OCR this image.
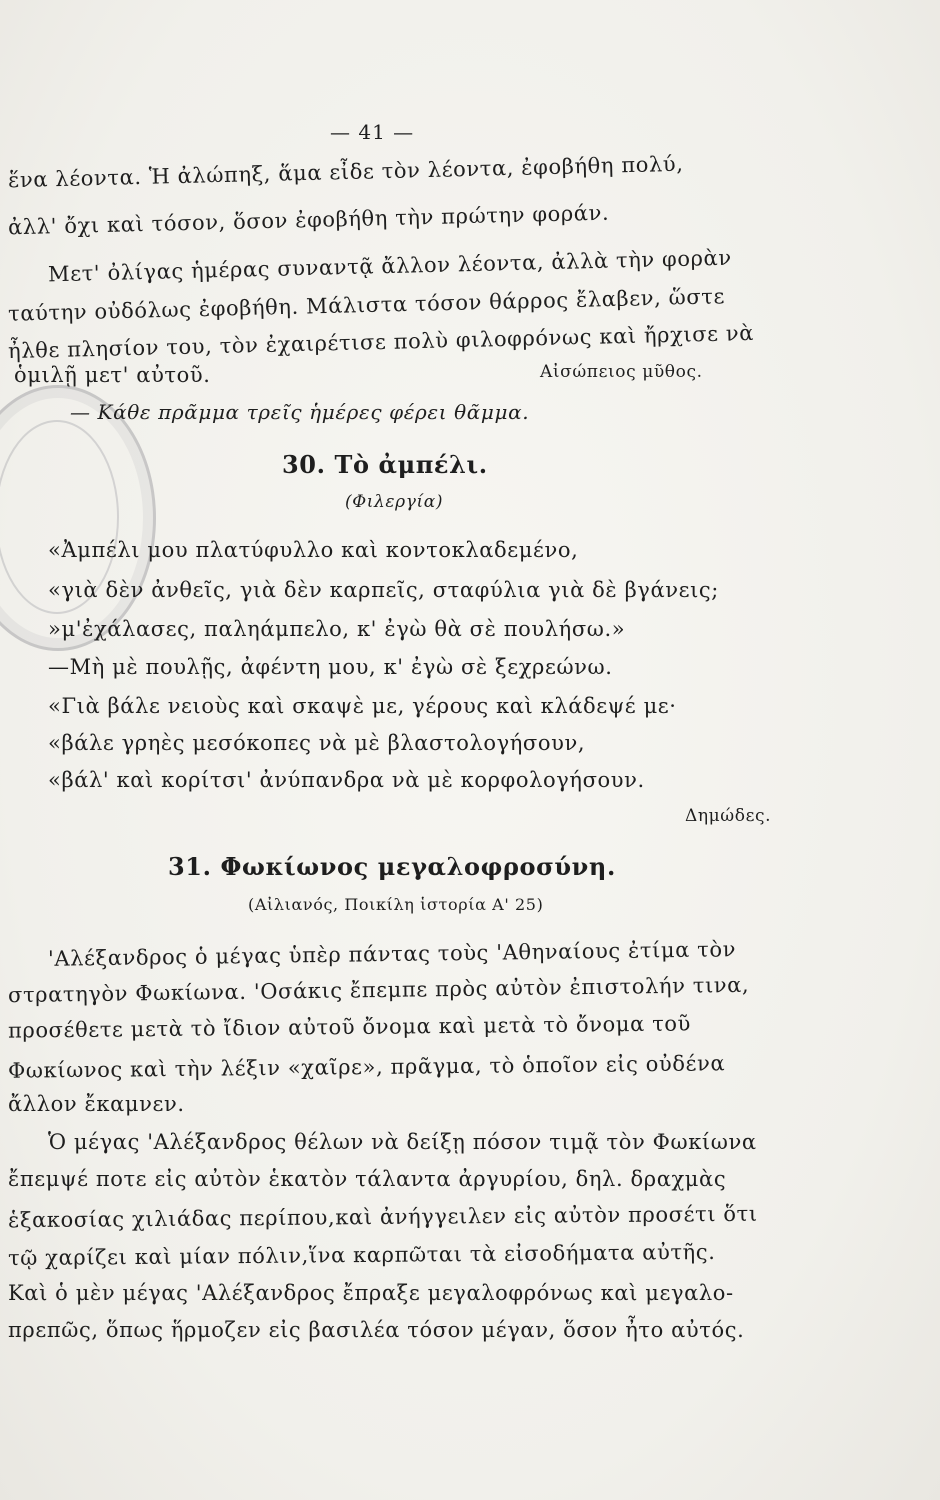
— 41 —
ἕνα λέοντα. Ἡ ἀλώπηξ, ἅμα εἶδε τὸν λέοντα, ἐφοβήθη πολύ,
ἀλλ' ὄχι καὶ τόσον, ὅσον ἐφοβήθη τὴν πρώτην φοράν.
Μετ' ὀλίγας ἡμέρας συναντᾷ ἄλλον λέοντα, ἀλλὰ τὴν φορὰν
ταύτην οὐδόλως ἐφοβήθη. Μάλιστα τόσον θάρρος ἔλαβεν, ὥστε
ἦλθε πλησίον του, τὸν ἐχαιρέτισε πολὺ φιλοφρόνως καὶ ἤρχισε νὰ
ὁμιλῇ μετ' αὐτοῦ.	Αἰσώπειος μῦθος.
— Κάθε πρᾶμμα τρεῖς ἡμέρες φέρει θᾶμμα.
30. Τὸ ἀμπέλι.
(Φιλεργία)
«Ἀμπέλι μου πλατύφυλλο καὶ κοντοκλαδεμένο,
«γιὰ δὲν ἀνθεῖς, γιὰ δὲν καρπεῖς, σταφύλια γιὰ δὲ βγάνεις;
»μ'ἐχάλασες, παληάμπελο, κ' ἐγὼ θὰ σὲ πουλήσω.»
—Μὴ μὲ πουλῇς, ἀφέντη μου, κ' ἐγὼ σὲ ξεχρεώνω.
«Γιὰ βάλε νειοὺς καὶ σκαψὲ με, γέρους καὶ κλάδεψέ με·
«βάλε γρηὲς μεσόκοπες νὰ μὲ βλαστολογήσουν,
«βάλ' καὶ κορίτσι' ἀνύπανδρα νὰ μὲ κορφολογήσουν.
Δημώδες.
31. Φωκίωνος μεγαλοφροσύνη.
(Αἰλιανός, Ποικίλη ἱστορία Α' 25)
'Αλέξανδρος ὁ μέγας ὑπὲρ πάντας τοὺς 'Αθηναίους ἐτίμα τὸν
στρατηγὸν Φωκίωνα. 'Οσάκις ἔπεμπε πρὸς αὐτὸν ἐπιστολήν τινα,
προσέθετε μετὰ τὸ ἴδιον αὐτοῦ ὄνομα καὶ μετὰ τὸ ὄνομα τοῦ
Φωκίωνος καὶ τὴν λέξιν «χαῖρε», πρᾶγμα, τὸ ὁποῖον εἰς οὐδένα
ἄλλον ἔκαμνεν.
Ὁ μέγας 'Αλέξανδρος θέλων νὰ δείξῃ πόσον τιμᾷ τὸν Φωκίωνα
ἔπεμψέ ποτε εἰς αὐτὸν ἑκατὸν τάλαντα ἀργυρίου, δηλ. δραχμὰς
ἑξακοσίας χιλιάδας περίπου,καὶ ἀνήγγειλεν εἰς αὐτὸν προσέτι ὅτι
τῷ χαρίζει καὶ μίαν πόλιν,ἵνα καρπῶται τὰ εἰσοδήματα αὐτῆς.
Καὶ ὁ μὲν μέγας 'Αλέξανδρος ἔπραξε μεγαλοφρόνως καὶ μεγαλο-
πρεπῶς, ὅπως ἥρμοζεν εἰς βασιλέα τόσον μέγαν, ὅσον ἦτο αὐτός.
